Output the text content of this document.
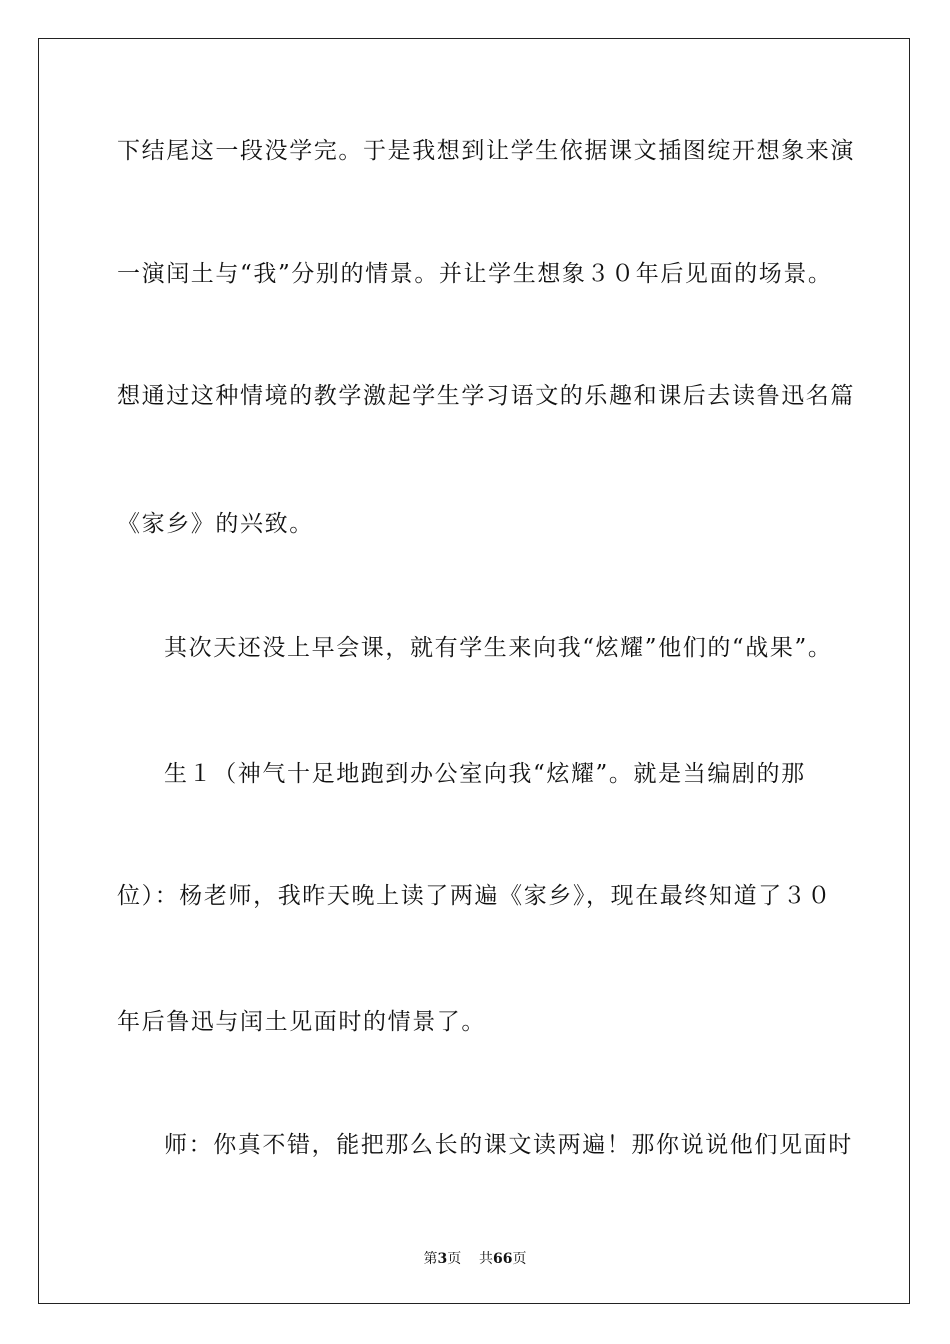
下结尾这一段没学完。于是我想到让学生依据课文插图绽开想象来演
一演闰土与“我”分别的情景。并让学生想象３０年后见面的场景。
想通过这种情境的教学激起学生学习语文的乐趣和课后去读鲁迅名篇
《家乡》的兴致。
其次天还没上早会课，就有学生来向我“炫耀”他们的“战果”。
生１（神气十足地跑到办公室向我“炫耀”。就是当编剧的那
位）：杨老师，我昨天晚上读了两遍《家乡》，现在最终知道了３０
年后鲁迅与闰土见面时的情景了。
师：你真不错，能把那么长的课文读两遍！那你说说他们见面时
第3页 共66页
